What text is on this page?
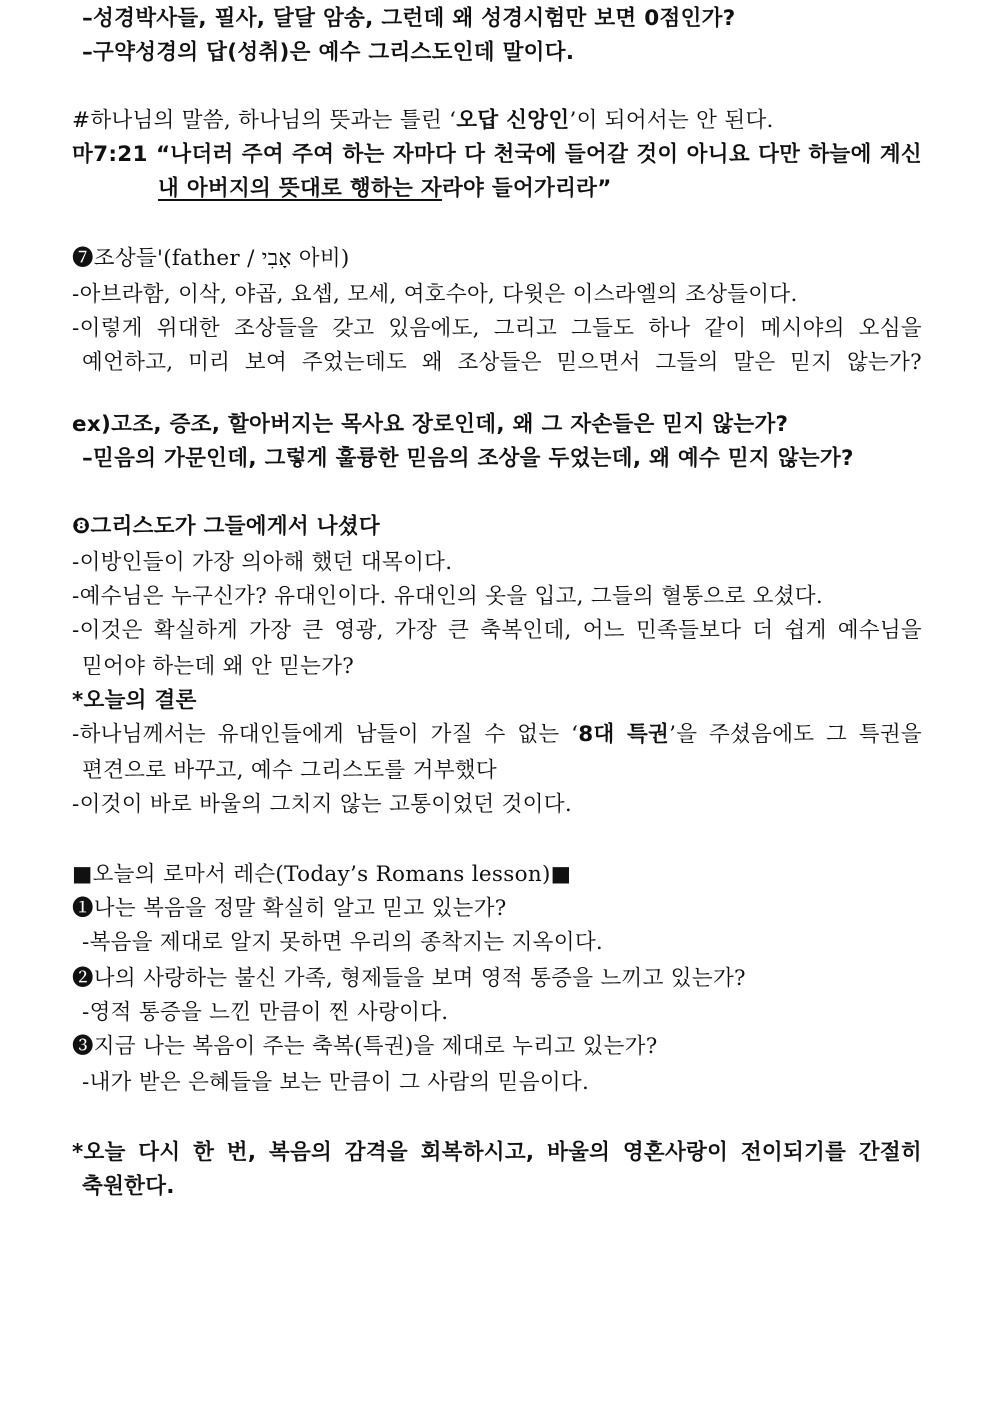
–성경박사들, 필사, 달달 암송, 그런데 왜 성경시험만 보면 0점인가?
–구약성경의 답(성취)은 예수 그리스도인데 말이다.
#하나님의 말씀, 하나님의 뜻과는 틀린 ‘오답 신앙인’이 되어서는 안 된다.
마7:21 “나더러 주여 주여 하는 자마다 다 천국에 들어갈 것이 아니요 다만 하늘에 계신
내 아버지의 뜻대로 행하는 자라야 들어가리라”
❼조상들'(father / אָבִי 아비)
-아브라함, 이삭, 야곱, 요셉, 모세, 여호수아, 다윗은 이스라엘의 조상들이다.
-이렇게 위대한 조상들을 갖고 있음에도, 그리고 그들도 하나 같이 메시야의 오심을
예언하고, 미리 보여 주었는데도 왜 조상들은 믿으면서 그들의 말은 믿지 않는가?
ex)고조, 증조, 할아버지는 목사요 장로인데, 왜 그 자손들은 믿지 않는가?
–믿음의 가문인데, 그렇게 훌륭한 믿음의 조상을 두었는데, 왜 예수 믿지 않는가?
❽그리스도가 그들에게서 나셨다
-이방인들이 가장 의아해 했던 대목이다.
-예수님은 누구신가? 유대인이다. 유대인의 옷을 입고, 그들의 혈통으로 오셨다.
-이것은 확실하게 가장 큰 영광, 가장 큰 축복인데, 어느 민족들보다 더 쉽게 예수님을
믿어야 하는데 왜 안 믿는가?
*오늘의 결론
-하나님께서는 유대인들에게 남들이 가질 수 없는 ‘8대 특권’을 주셨음에도 그 특권을
편견으로 바꾸고, 예수 그리스도를 거부했다
-이것이 바로 바울의 그치지 않는 고통이었던 것이다.
■오늘의 로마서 레슨(Today’s Romans lesson)■
❶나는 복음을 정말 확실히 알고 믿고 있는가?
-복음을 제대로 알지 못하면 우리의 종착지는 지옥이다.
❷나의 사랑하는 불신 가족, 형제들을 보며 영적 통증을 느끼고 있는가?
-영적 통증을 느낀 만큼이 찐 사랑이다.
❸지금 나는 복음이 주는 축복(특권)을 제대로 누리고 있는가?
-내가 받은 은혜들을 보는 만큼이 그 사람의 믿음이다.
*오늘 다시 한 번, 복음의 감격을 회복하시고, 바울의 영혼사랑이 전이되기를 간절히
축원한다.
